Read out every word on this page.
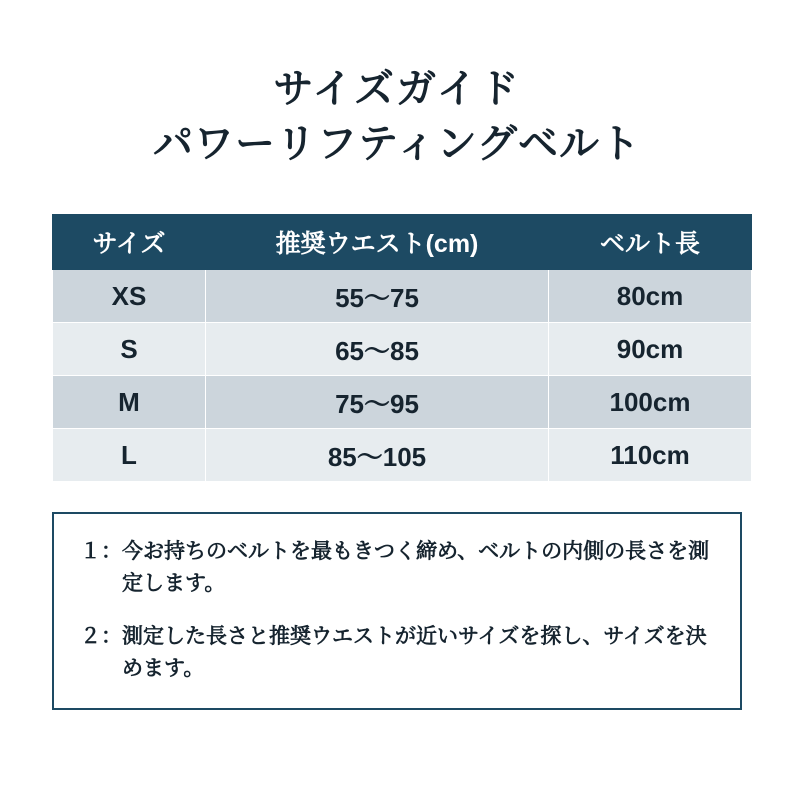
サイズガイド
パワーリフティングベルト
サイズ	推奨ウエスト(cm)	ベルト長
XS	55〜75	80cm
S	65〜85	90cm
M	75〜95	100cm
L	85〜105	110cm
１： 今お持ちのベルトを最もきつく締め、ベルトの内側の長さを測定します。
２： 測定した長さと推奨ウエストが近いサイズを探し、サイズを決めます。
